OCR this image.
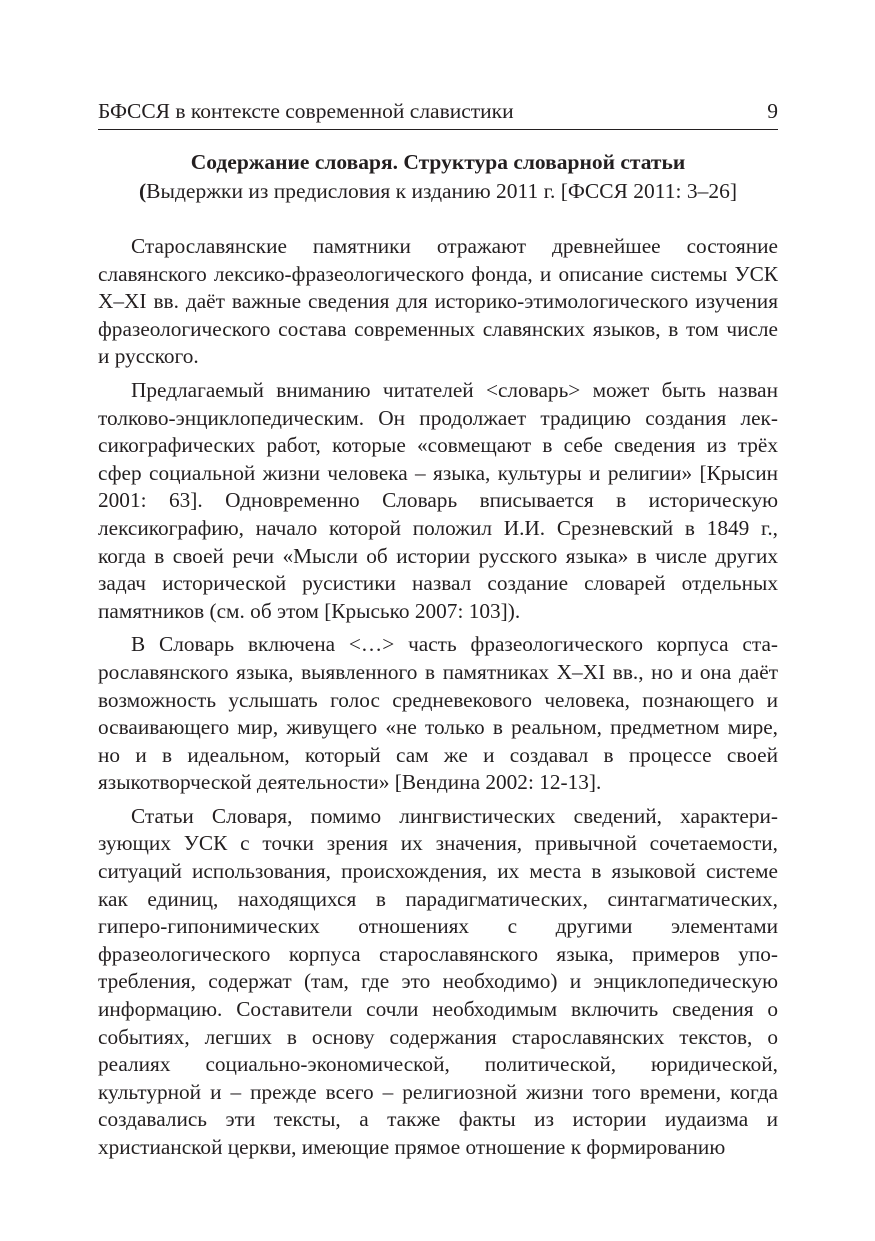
БФССЯ в контексте современной славистики	9
Содержание словаря. Структура словарной статьи
(Выдержки из предисловия к изданию 2011 г. [ФССЯ 2011: 3–26]

Старославянские памятники отражают древнейшее состояние славянского лексико-фразеологического фонда, и описание системы УСК X–XI вв. даёт важные сведения для историко-этимологического изучения фразеологического состава современных славянских языков, в том числе и русского.

Предлагаемый вниманию читателей <словарь> может быть назван толково-энциклопедическим. Он продолжает традицию создания лексикографических работ, которые «совмещают в себе сведения из трёх сфер социальной жизни человека – языка, культуры и религии» [Крысин 2001: 63]. Одновременно Словарь вписывается в историческую лексикографию, начало которой положил И.И. Срезневский в 1849 г., когда в своей речи «Мысли об истории русского языка» в числе других задач исторической русистики назвал создание словарей отдельных памятников (см. об этом [Крысько 2007: 103]).

В Словарь включена <…> часть фразеологического корпуса старославянского языка, выявленного в памятниках X–XI вв., но и она даёт возможность услышать голос средневекового человека, познающего и осваивающего мир, живущего «не только в реальном, предметном мире, но и в идеальном, который сам же и создавал в процессе своей языкотворческой деятельности» [Вендина 2002: 12-13].

Статьи Словаря, помимо лингвистических сведений, характеризующих УСК с точки зрения их значения, привычной сочетаемости, ситуаций использования, происхождения, их места в языковой системе как единиц, находящихся в парадигматических, синтагматических, гиперо-гипонимических отношениях с другими элементами фразеологического корпуса старославянского языка, примеров употребления, содержат (там, где это необходимо) и энциклопедическую информацию. Составители сочли необходимым включить сведения о событиях, легших в основу содержания старославянских текстов, о реалиях социально-экономической, политической, юридической, культурной и – прежде всего – религиозной жизни того времени, когда создавались эти тексты, а также факты из истории иудаизма и христианской церкви, имеющие прямое отношение к формированию
